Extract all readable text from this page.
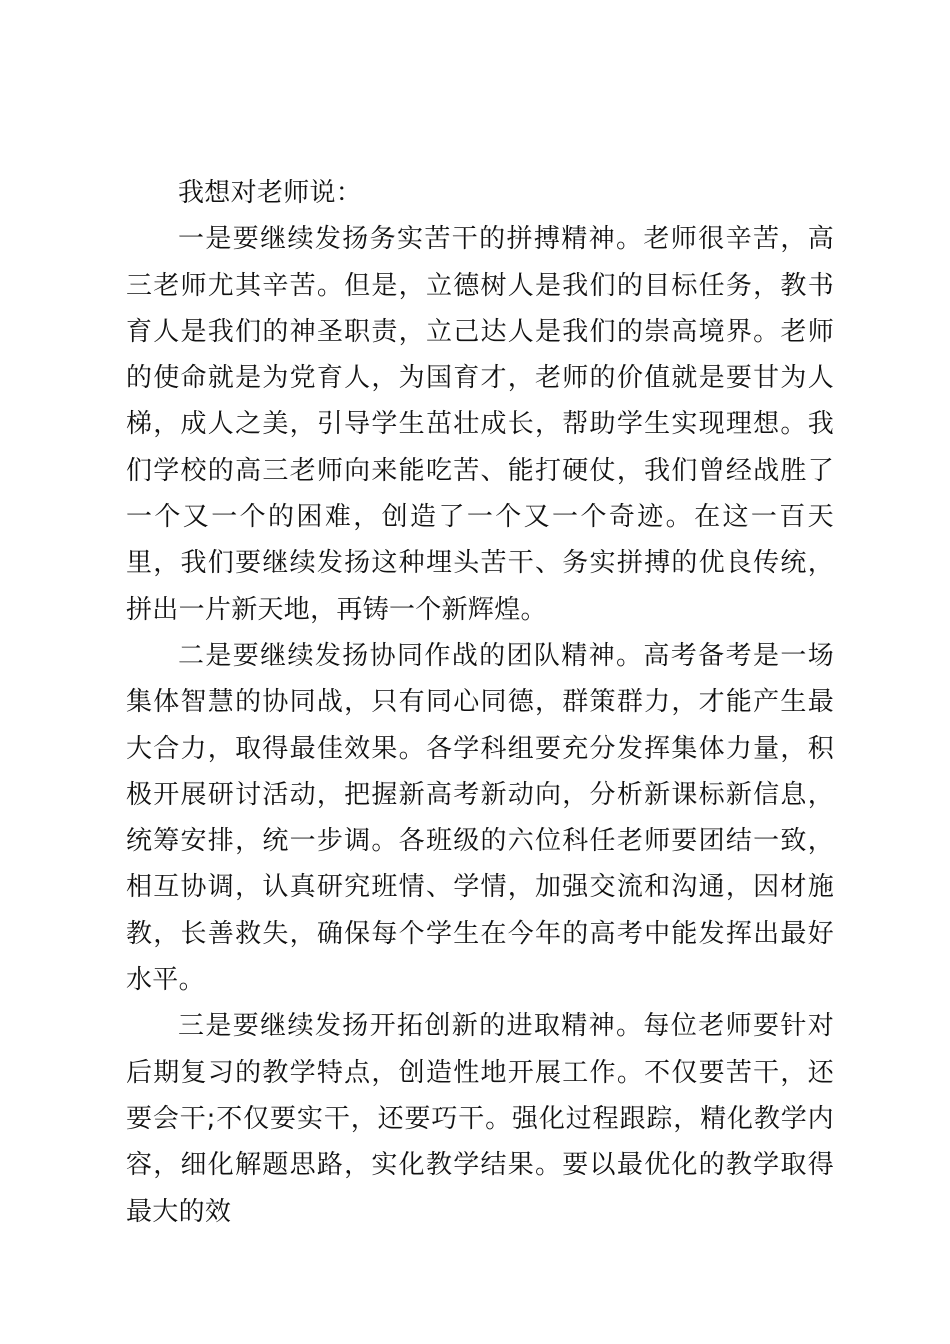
我想对老师说：

一是要继续发扬务实苦干的拼搏精神。老师很辛苦，高三老师尤其辛苦。但是，立德树人是我们的目标任务，教书育人是我们的神圣职责，立己达人是我们的崇高境界。老师的使命就是为党育人，为国育才，老师的价值就是要甘为人梯，成人之美，引导学生茁壮成长，帮助学生实现理想。我们学校的高三老师向来能吃苦、能打硬仗，我们曾经战胜了一个又一个的困难，创造了一个又一个奇迹。在这一百天里，我们要继续发扬这种埋头苦干、务实拼搏的优良传统，拼出一片新天地，再铸一个新辉煌。

二是要继续发扬协同作战的团队精神。高考备考是一场集体智慧的协同战，只有同心同德，群策群力，才能产生最大合力，取得最佳效果。各学科组要充分发挥集体力量，积极开展研讨活动，把握新高考新动向，分析新课标新信息，统筹安排，统一步调。各班级的六位科任老师要团结一致，相互协调，认真研究班情、学情，加强交流和沟通，因材施教，长善救失，确保每个学生在今年的高考中能发挥出最好水平。

三是要继续发扬开拓创新的进取精神。每位老师要针对后期复习的教学特点，创造性地开展工作。不仅要苦干，还要会干;不仅要实干，还要巧干。强化过程跟踪，精化教学内容，细化解题思路，实化教学结果。要以最优化的教学取得最大的效
